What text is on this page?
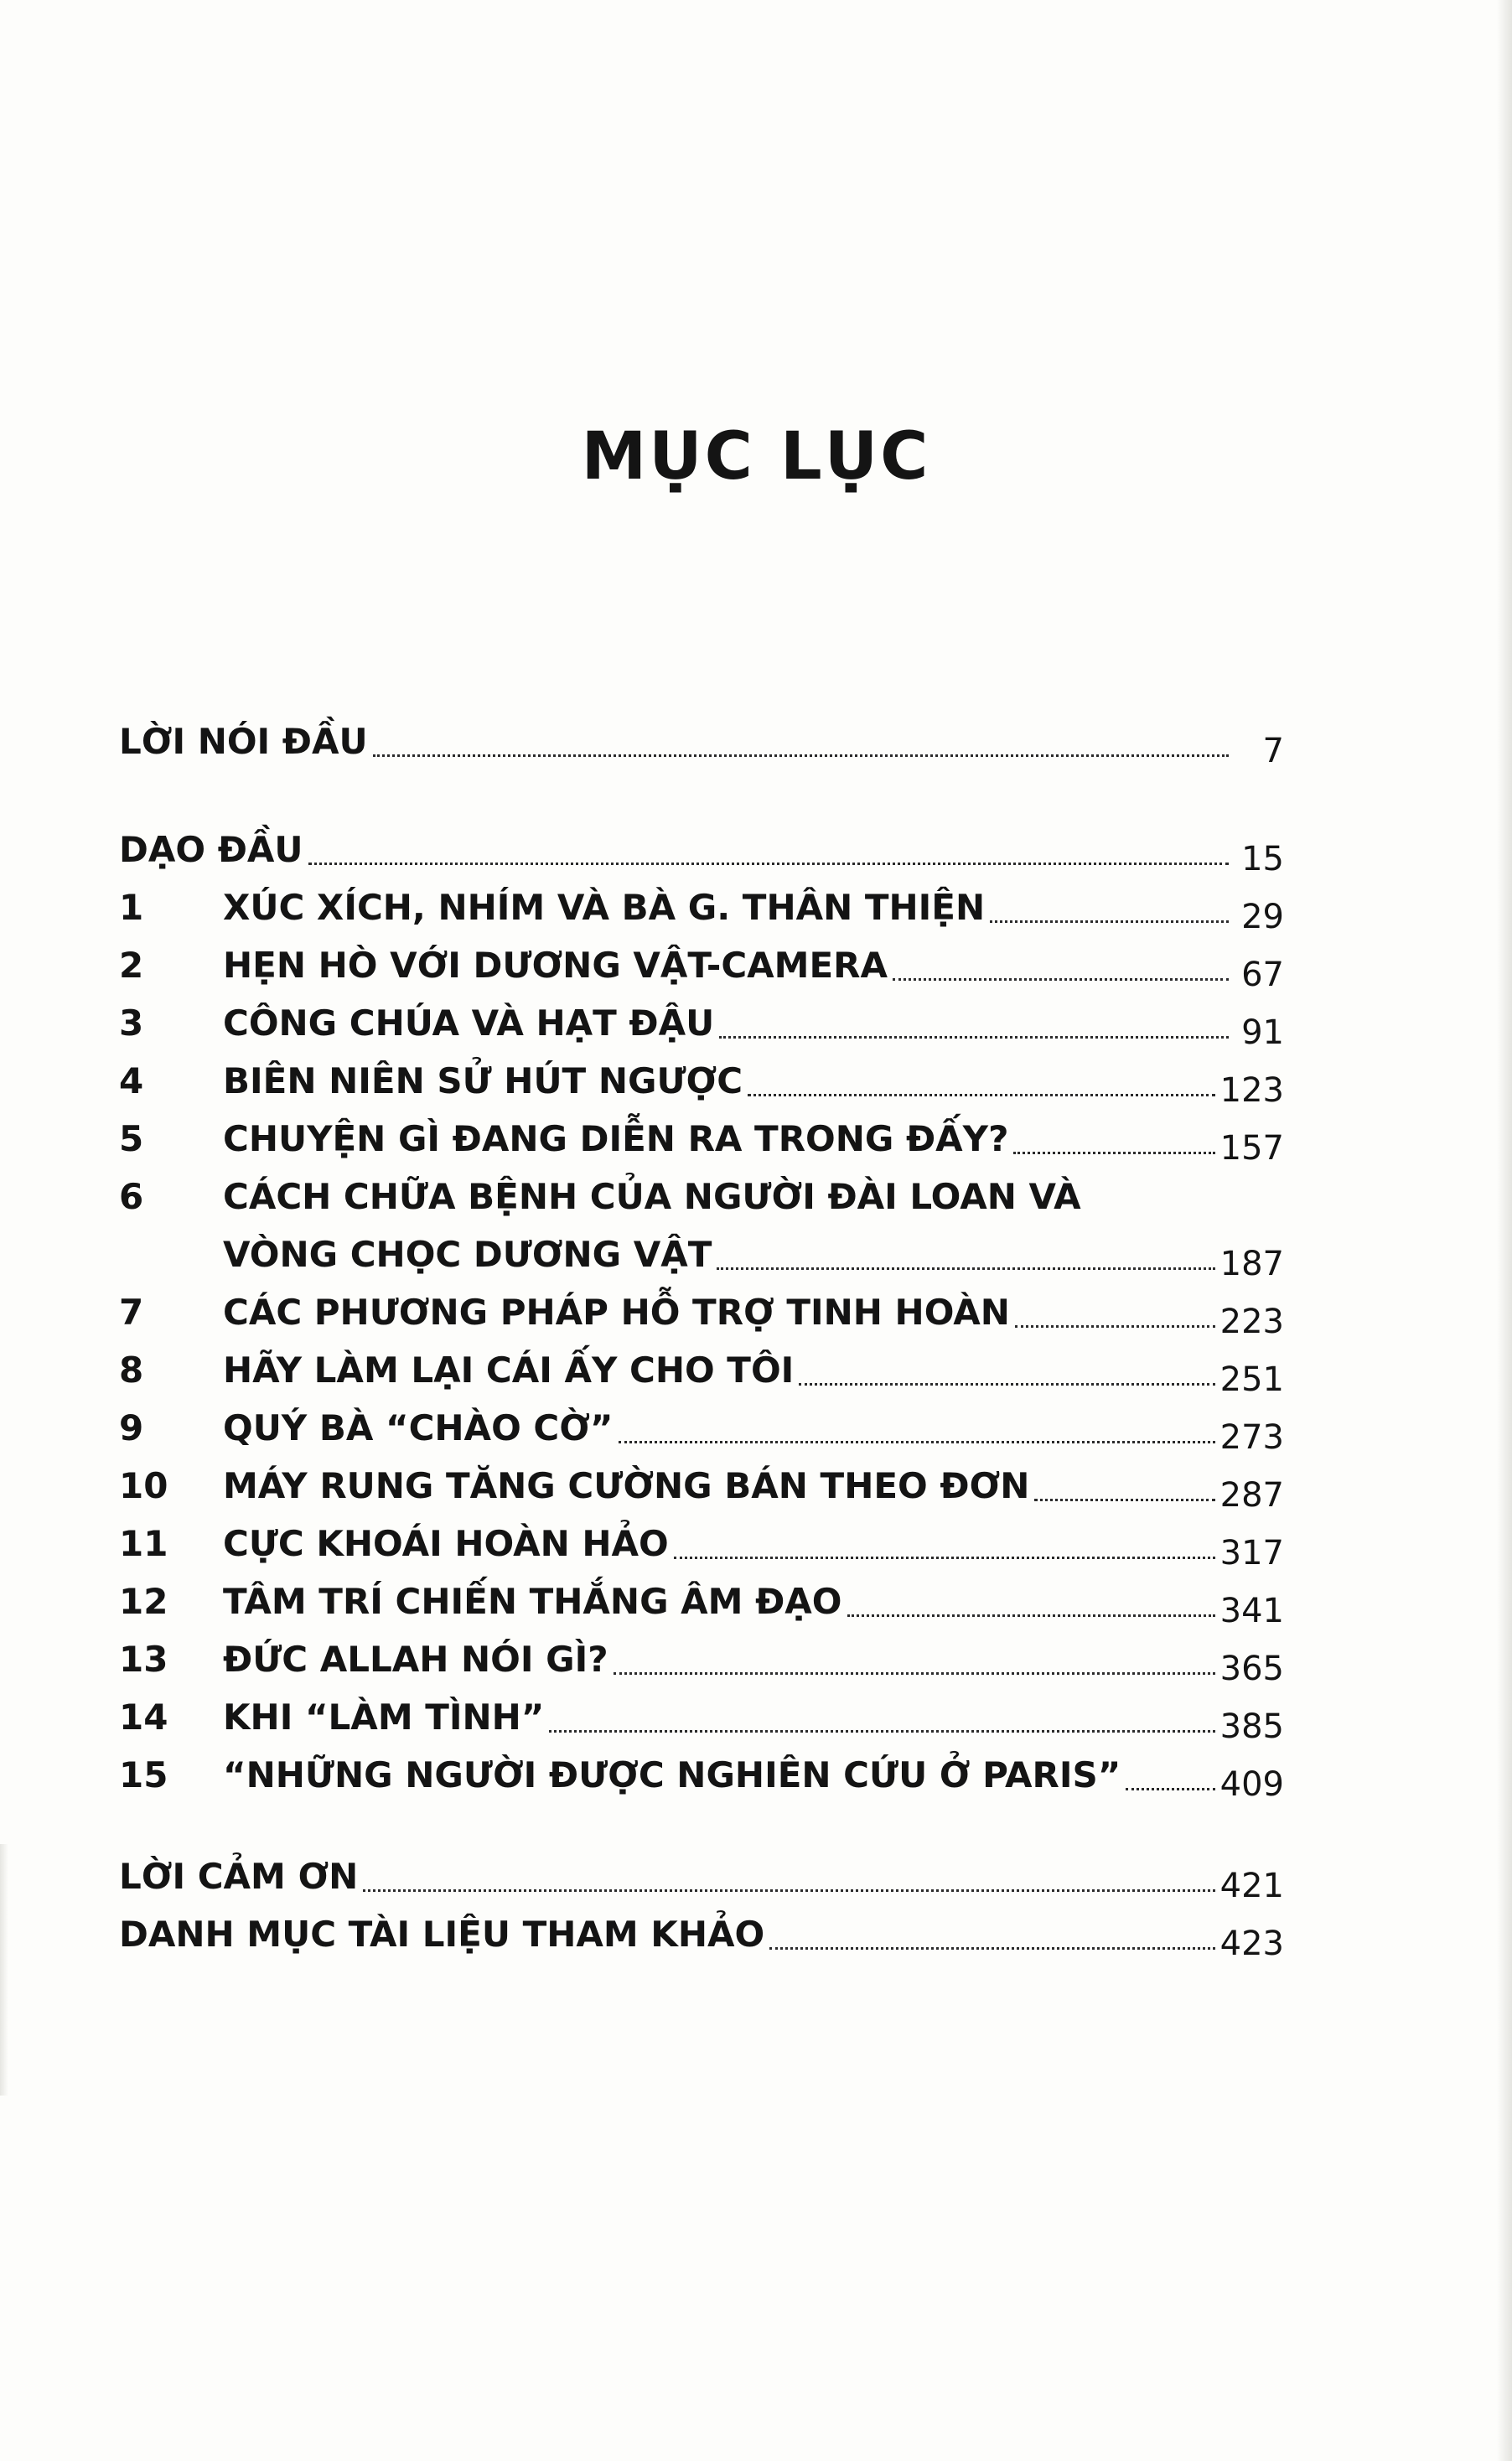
MỤC LỤC
LỜI NÓI ĐẦU	7
DẠO ĐẦU	15
1	XÚC XÍCH, NHÍM VÀ BÀ G. THÂN THIỆN	29
2	HẸN HÒ VỚI DƯƠNG VẬT-CAMERA	67
3	CÔNG CHÚA VÀ HẠT ĐẬU	91
4	BIÊN NIÊN SỬ HÚT NGƯỢC	123
5	CHUYỆN GÌ ĐANG DIỄN RA TRONG ĐẤY?	157
6	CÁCH CHỮA BỆNH CỦA NGƯỜI ĐÀI LOAN VÀ
VÒNG CHỌC DƯƠNG VẬT	187
7	CÁC PHƯƠNG PHÁP HỖ TRỢ TINH HOÀN	223
8	HÃY LÀM LẠI CÁI ẤY CHO TÔI	251
9	QUÝ BÀ “CHÀO CỜ”	273
10	MÁY RUNG TĂNG CƯỜNG BÁN THEO ĐƠN	287
11	CỰC KHOÁI HOÀN HẢO	317
12	TÂM TRÍ CHIẾN THẮNG ÂM ĐẠO	341
13	ĐỨC ALLAH NÓI GÌ?	365
14	KHI “LÀM TÌNH”	385
15	“NHỮNG NGƯỜI ĐƯỢC NGHIÊN CỨU Ở PARIS”	409
LỜI CẢM ƠN	421
DANH MỤC TÀI LIỆU THAM KHẢO	423
